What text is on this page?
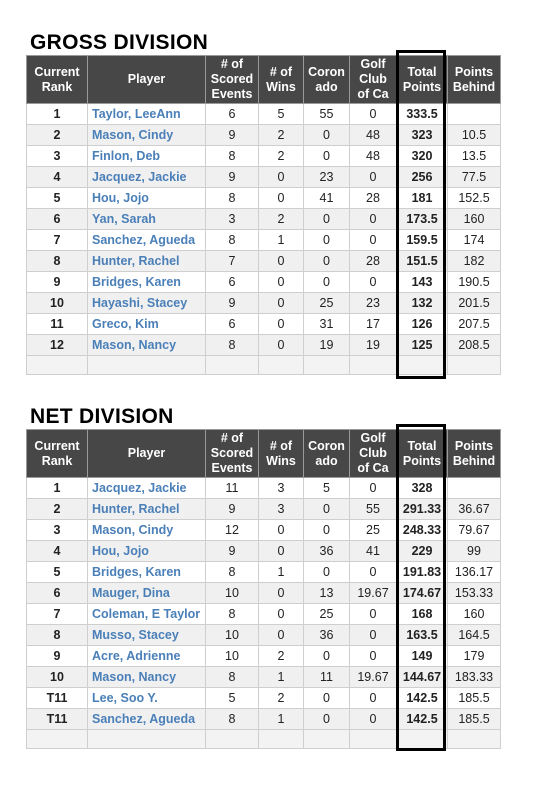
GROSS DIVISION
Current Rank	Player	# of Scored Events	# of Wins	Coron ado	Golf Club of Ca	Total Points	Points Behind
1	Taylor, LeeAnn	6	5	55	0	333.5	
2	Mason, Cindy	9	2	0	48	323	10.5
3	Finlon, Deb	8	2	0	48	320	13.5
4	Jacquez, Jackie	9	0	23	0	256	77.5
5	Hou, Jojo	8	0	41	28	181	152.5
6	Yan, Sarah	3	2	0	0	173.5	160
7	Sanchez, Agueda	8	1	0	0	159.5	174
8	Hunter, Rachel	7	0	0	28	151.5	182
9	Bridges, Karen	6	0	0	0	143	190.5
10	Hayashi, Stacey	9	0	25	23	132	201.5
11	Greco, Kim	6	0	31	17	126	207.5
12	Mason, Nancy	8	0	19	19	125	208.5

NET DIVISION
Current Rank	Player	# of Scored Events	# of Wins	Coron ado	Golf Club of Ca	Total Points	Points Behind
1	Jacquez, Jackie	11	3	5	0	328	
2	Hunter, Rachel	9	3	0	55	291.33	36.67
3	Mason, Cindy	12	0	0	25	248.33	79.67
4	Hou, Jojo	9	0	36	41	229	99
5	Bridges, Karen	8	1	0	0	191.83	136.17
6	Mauger, Dina	10	0	13	19.67	174.67	153.33
7	Coleman, E Taylor	8	0	25	0	168	160
8	Musso, Stacey	10	0	36	0	163.5	164.5
9	Acre, Adrienne	10	2	0	0	149	179
10	Mason, Nancy	8	1	11	19.67	144.67	183.33
T11	Lee, Soo Y.	5	2	0	0	142.5	185.5
T11	Sanchez, Agueda	8	1	0	0	142.5	185.5
